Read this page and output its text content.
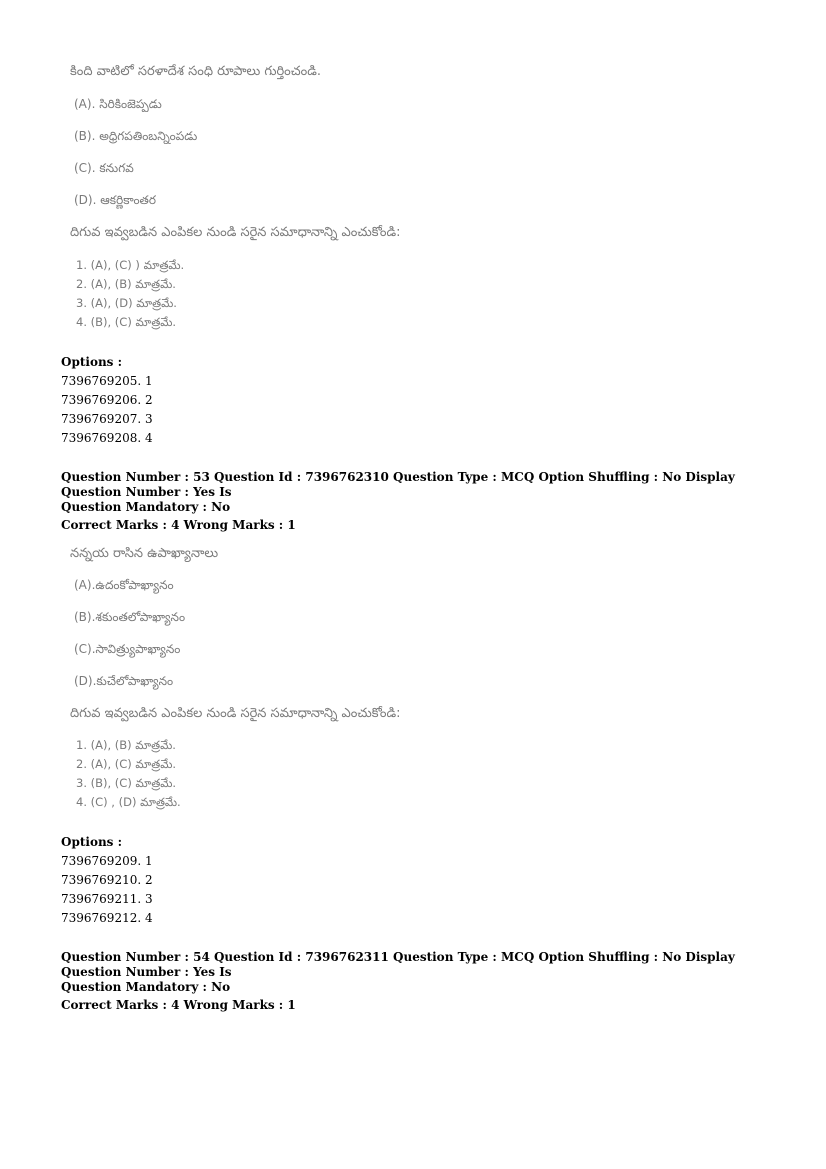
కింది వాటిలో సరళాదేశ సంధి రూపాలు గుర్తించండి.
(A). సిరికింజెప్పడు
(B). అధ్రిగపతింబన్నింపడు
(C). కనుగవ
(D). ఆకర్ణికాంతర
దిగువ ఇవ్వబడిన ఎంపికల నుండి సరైన సమాధానాన్ని ఎంచుకోండి:
1. (A), (C) ) మాత్రమే.
2. (A), (B) మాత్రమే.
3. (A), (D) మాత్రమే.
4. (B), (C) మాత్రమే.
Options :
7396769205. 1
7396769206. 2
7396769207. 3
7396769208. 4
Question Number : 53 Question Id : 7396762310 Question Type : MCQ Option Shuffling : No Display Question Number : Yes Is
Question Mandatory : No
Correct Marks : 4 Wrong Marks : 1
నన్నయ రాసిన ఉపాఖ్యానాలు
(A).ఉదంకోపాఖ్యానం
(B).శకుంతలోపాఖ్యానం
(C).సావిత్ర్యుపాఖ్యానం
(D).కుచేలోపాఖ్యానం
దిగువ ఇవ్వబడిన ఎంపికల నుండి సరైన సమాధానాన్ని ఎంచుకోండి:
1. (A), (B) మాత్రమే.
2. (A), (C) మాత్రమే.
3. (B), (C) మాత్రమే.
4. (C) , (D) మాత్రమే.
Options :
7396769209. 1
7396769210. 2
7396769211. 3
7396769212. 4
Question Number : 54 Question Id : 7396762311 Question Type : MCQ Option Shuffling : No Display Question Number : Yes Is
Question Mandatory : No
Correct Marks : 4 Wrong Marks : 1
